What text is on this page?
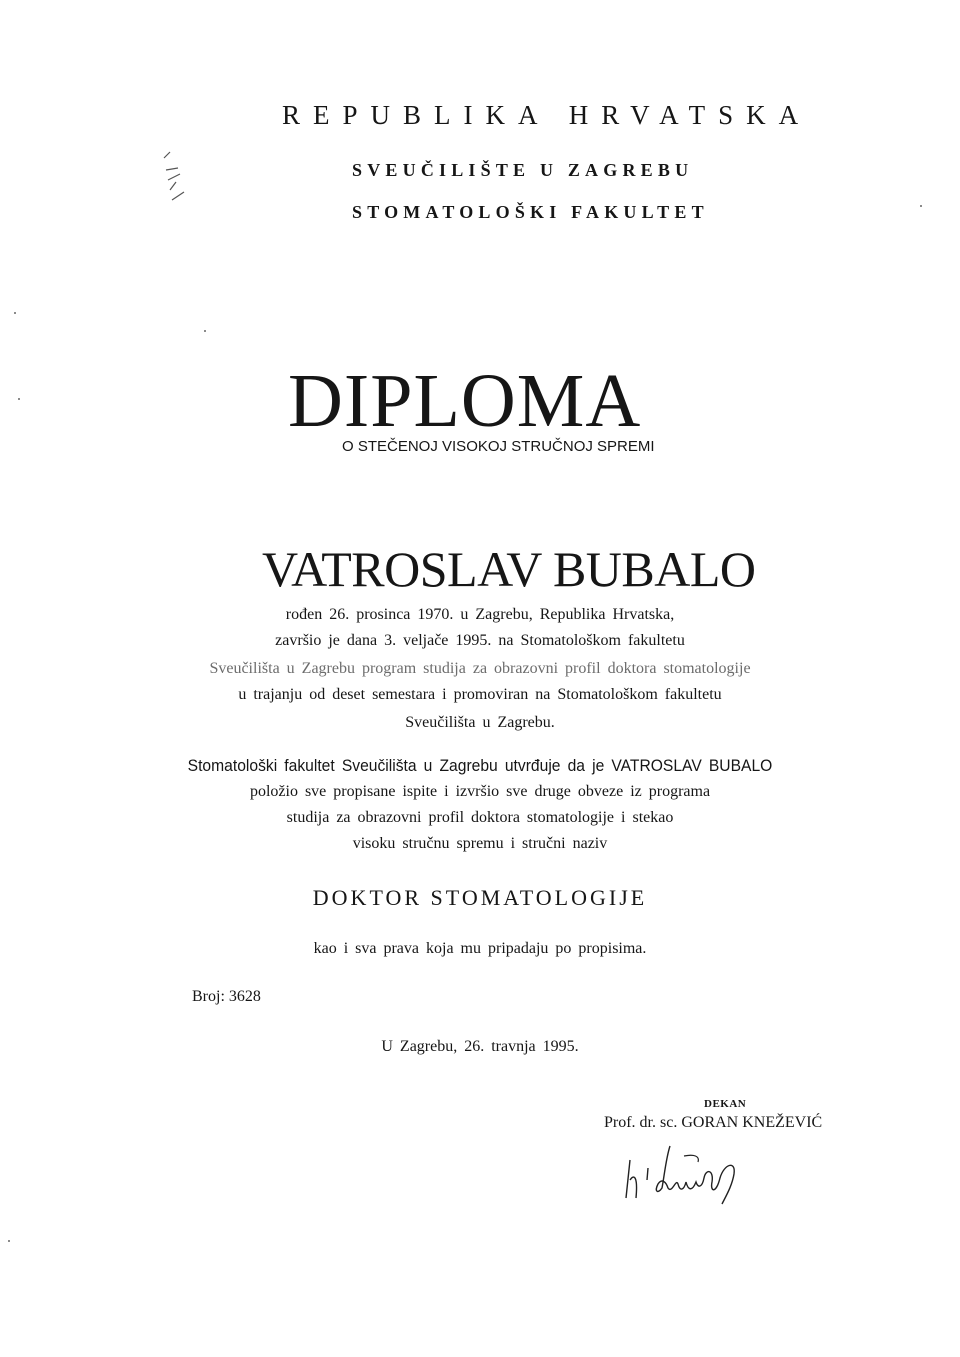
REPUBLIKA HRVATSKA
SVEUČILIŠTE U ZAGREBU
STOMATOLOŠKI FAKULTET
DIPLOMA
O STEČENOJ VISOKOJ STRUČNOJ SPREMI
VATROSLAV BUBALO
rođen 26. prosinca 1970. u Zagrebu, Republika Hrvatska,
završio je dana 3. veljače 1995. na Stomatološkom fakultetu
Sveučilišta u Zagrebu program studija za obrazovni profil doktora stomatologije
u trajanju od deset semestara i promoviran na Stomatološkom fakultetu
Sveučilišta u Zagrebu.
Stomatološki fakultet Sveučilišta u Zagrebu utvrđuje da je VATROSLAV BUBALO
položio sve propisane ispite i izvršio sve druge obveze iz programa
studija za obrazovni profil doktora stomatologije i stekao
visoku stručnu spremu i stručni naziv
DOKTOR STOMATOLOGIJE
kao i sva prava koja mu pripadaju po propisima.
Broj: 3628
U Zagrebu, 26. travnja 1995.
DEKAN
Prof. dr. sc. GORAN KNEŽEVIĆ
